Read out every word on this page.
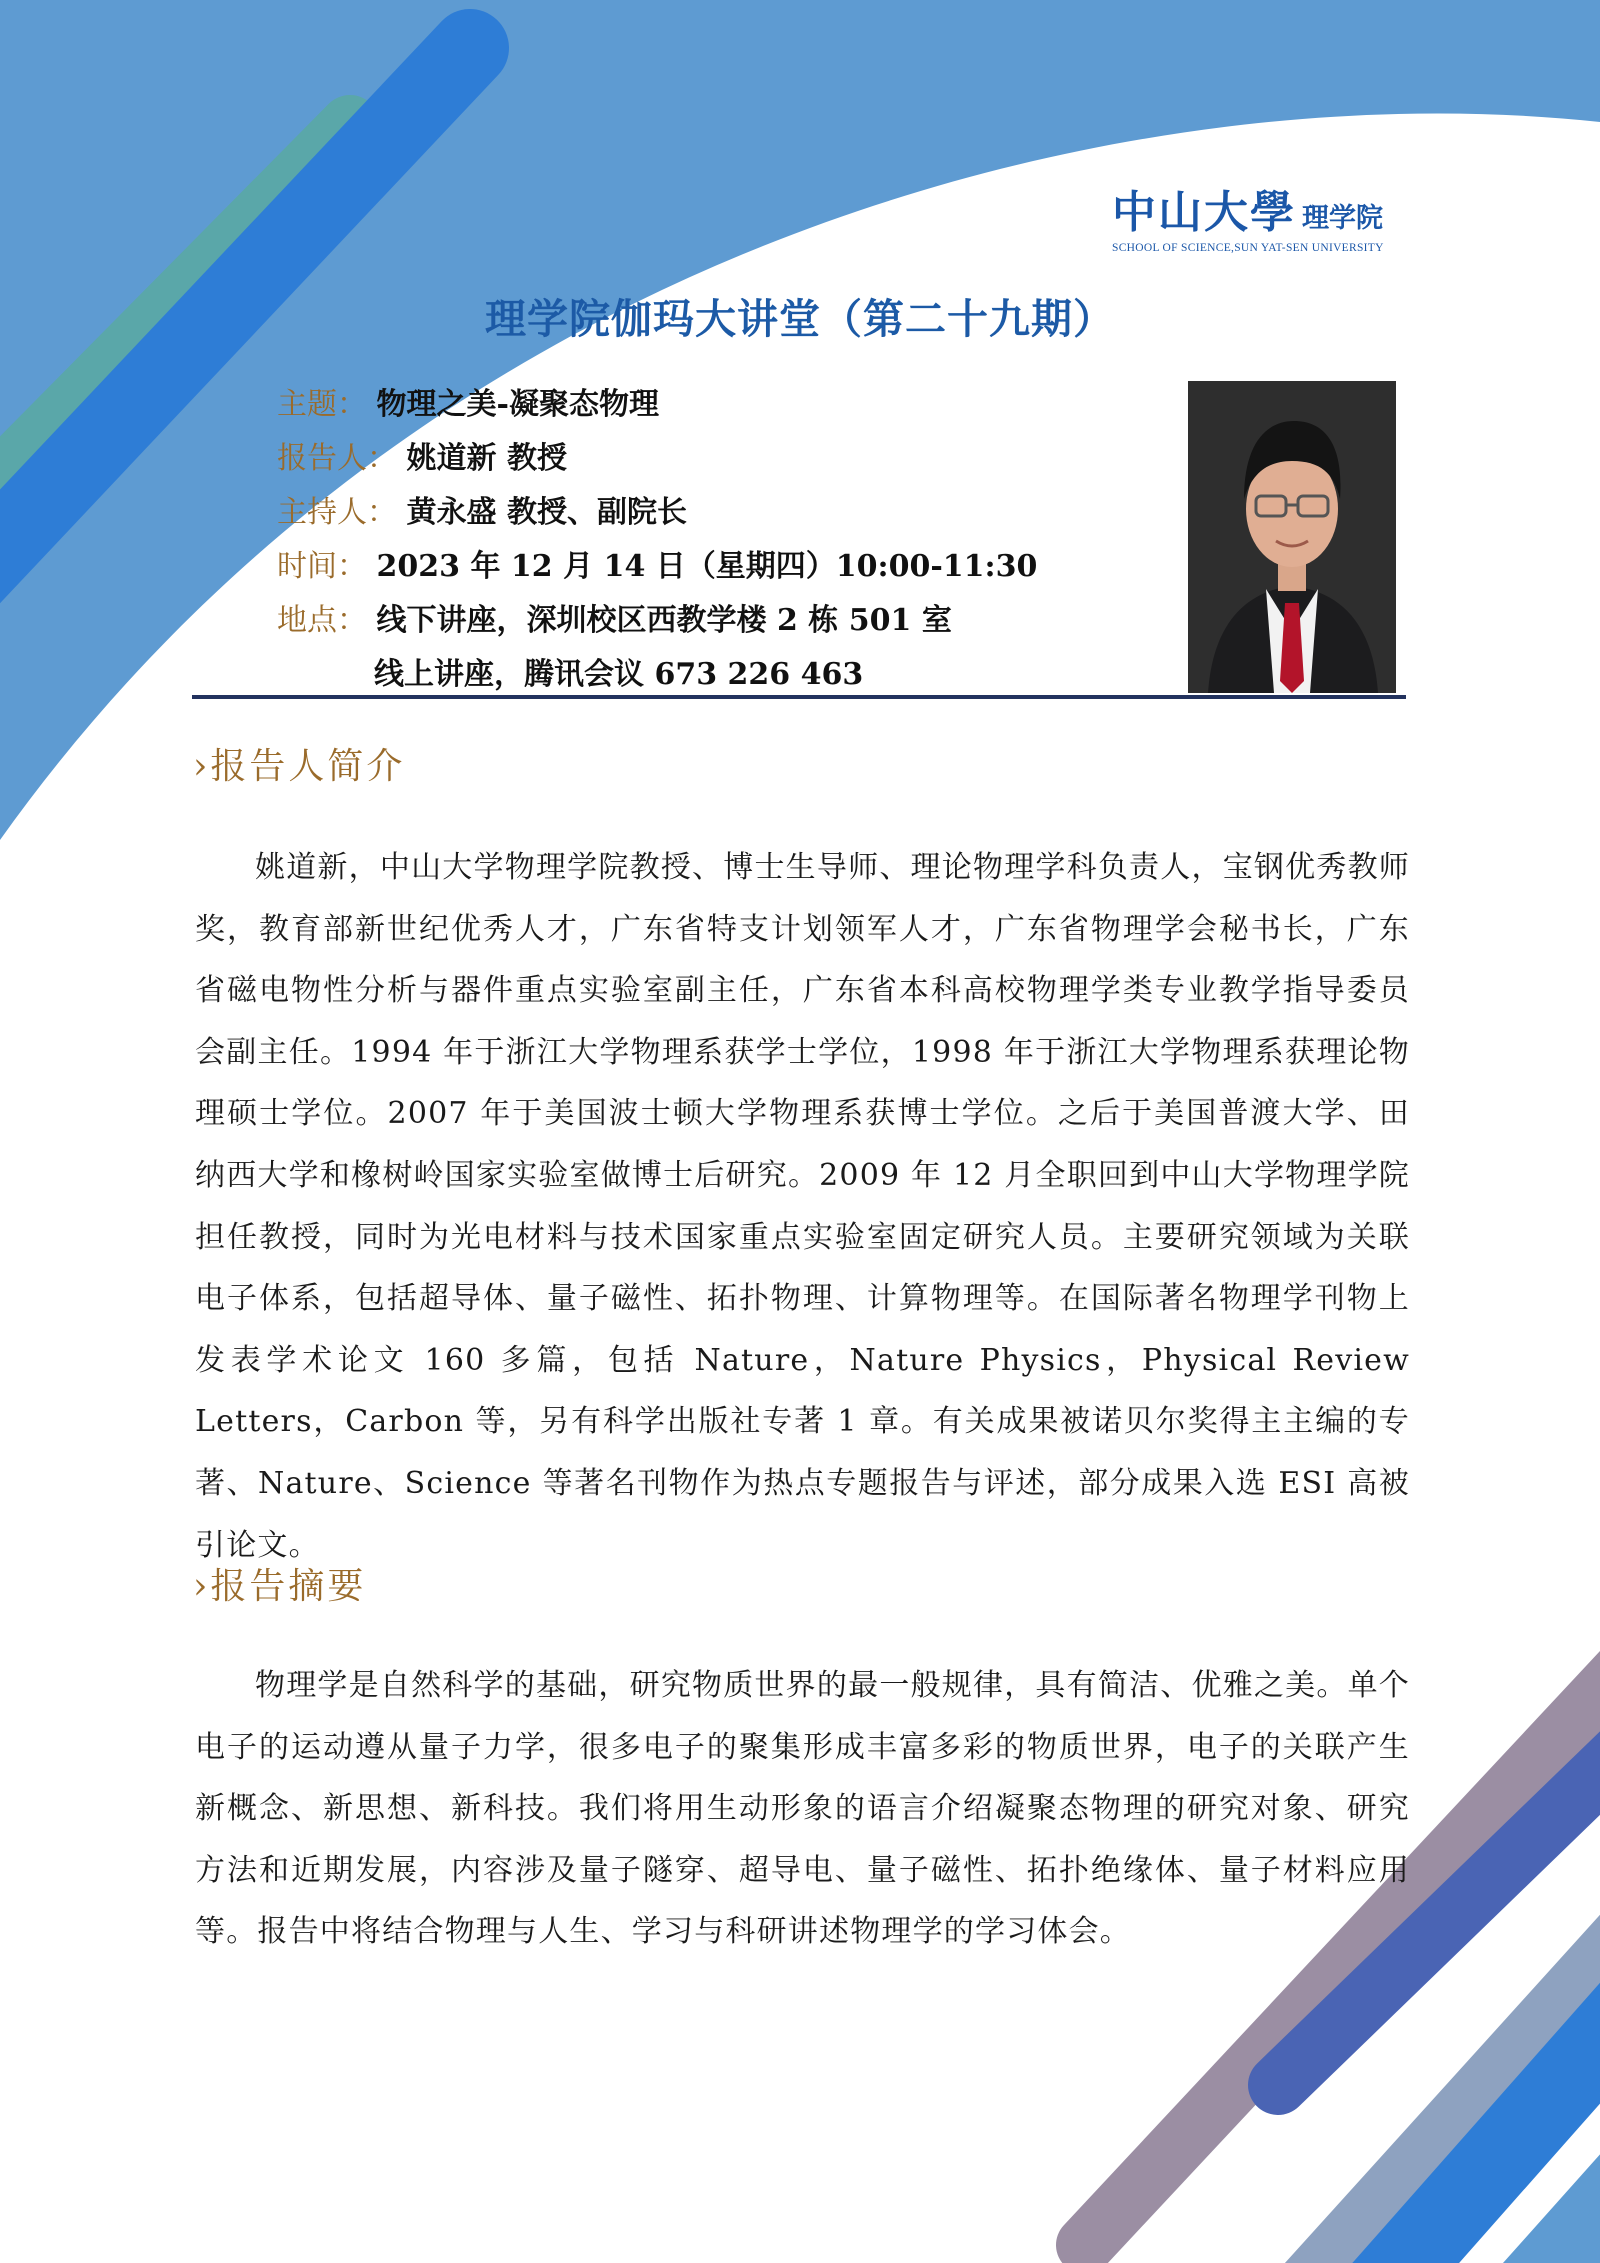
中山大學 理学院
SCHOOL OF SCIENCE,SUN YAT-SEN UNIVERSITY
理学院伽玛大讲堂（第二十九期）
主题： 物理之美-凝聚态物理
报告人： 姚道新 教授
主持人： 黄永盛 教授、副院长
时间： 2023 年 12 月 14 日（星期四）10:00-11:30
地点： 线下讲座，深圳校区西教学楼 2 栋 501 室
线上讲座，腾讯会议 673 226 463
›报告人简介
姚道新，中山大学物理学院教授、博士生导师、理论物理学科负责人，宝钢优秀教师奖，教育部新世纪优秀人才，广东省特支计划领军人才，广东省物理学会秘书长，广东省磁电物性分析与器件重点实验室副主任，广东省本科高校物理学类专业教学指导委员会副主任。1994 年于浙江大学物理系获学士学位，1998 年于浙江大学物理系获理论物理硕士学位。2007 年于美国波士顿大学物理系获博士学位。之后于美国普渡大学、田纳西大学和橡树岭国家实验室做博士后研究。2009 年 12 月全职回到中山大学物理学院担任教授，同时为光电材料与技术国家重点实验室固定研究人员。主要研究领域为关联电子体系，包括超导体、量子磁性、拓扑物理、计算物理等。在国际著名物理学刊物上发表学术论文 160 多篇，包括 Nature，Nature Physics，Physical Review Letters，Carbon 等，另有科学出版社专著 1 章。有关成果被诺贝尔奖得主主编的专著、Nature、Science 等著名刊物作为热点专题报告与评述，部分成果入选 ESI 高被引论文。
›报告摘要
物理学是自然科学的基础，研究物质世界的最一般规律，具有简洁、优雅之美。单个电子的运动遵从量子力学，很多电子的聚集形成丰富多彩的物质世界，电子的关联产生新概念、新思想、新科技。我们将用生动形象的语言介绍凝聚态物理的研究对象、研究方法和近期发展，内容涉及量子隧穿、超导电、量子磁性、拓扑绝缘体、量子材料应用等。报告中将结合物理与人生、学习与科研讲述物理学的学习体会。
